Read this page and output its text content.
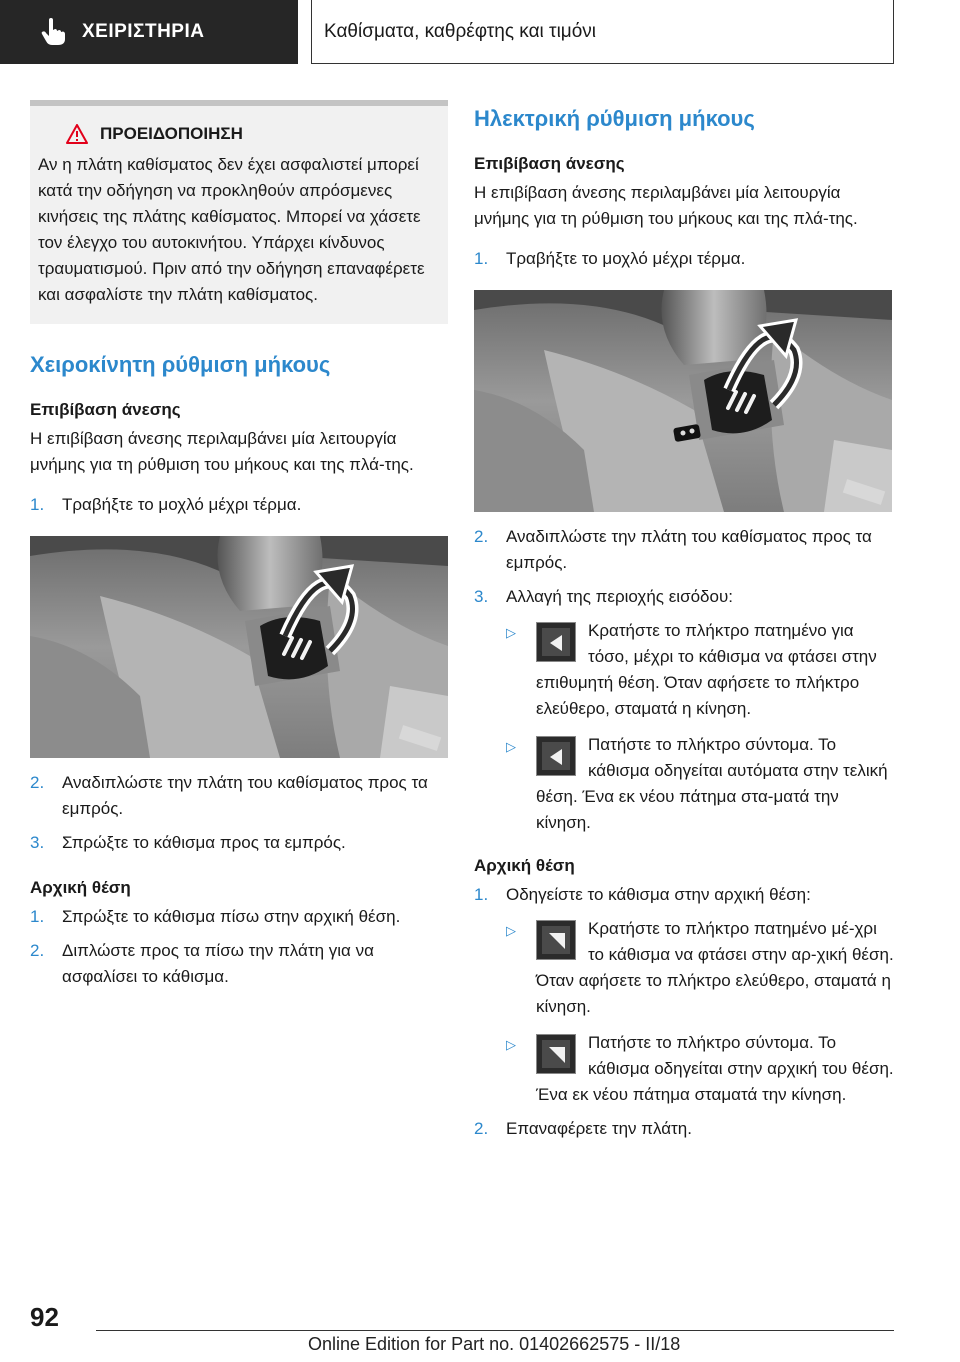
ΧΕΙΡΙΣΤΗΡΙΑ	Καθίσματα, καθρέφτης και τιμόνι
ΠΡΟΕΙΔΟΠΟΙΗΣΗ

Αν η πλάτη καθίσματος δεν έχει ασφαλιστεί μπορεί κατά την οδήγηση να προκληθούν απρόσμενες κινήσεις της πλάτης καθίσματος. Μπορεί να χάσετε τον έλεγχο του αυτοκινήτου. Υπάρχει κίνδυνος τραυματισμού. Πριν από την οδήγηση επαναφέρετε και ασφαλίστε την πλάτη καθίσματος.

Χειροκίνητη ρύθμιση μήκους
Επιβίβαση άνεσης

Η επιβίβαση άνεσης περιλαμβάνει μία λειτουργία μνήμης για τη ρύθμιση του μήκους και της πλά-της.

1.	Τραβήξτε το μοχλό μέχρι τέρμα.
2.	Αναδιπλώστε την πλάτη του καθίσματος προς τα εμπρός.
3.	Σπρώξτε το κάθισμα προς τα εμπρός.
Αρχική θέση
1.	Σπρώξτε το κάθισμα πίσω στην αρχική θέση.
2.	Διπλώστε προς τα πίσω την πλάτη για να ασφαλίσει το κάθισμα.
Ηλεκτρική ρύθμιση μήκους
Επιβίβαση άνεσης

Η επιβίβαση άνεσης περιλαμβάνει μία λειτουργία μνήμης για τη ρύθμιση του μήκους και της πλά-της.

1.	Τραβήξτε το μοχλό μέχρι τέρμα.
2.	Αναδιπλώστε την πλάτη του καθίσματος προς τα εμπρός.
3.	Αλλαγή της περιοχής εισόδου:
▷	Κρατήστε το πλήκτρο πατημένο για τόσο, μέχρι το κάθισμα να φτάσει στην επιθυμητή θέση. Όταν αφήσετε το πλήκτρο ελεύθερο, σταματά η κίνηση.
▷	Πατήστε το πλήκτρο σύντομα. Το κάθισμα οδηγείται αυτόματα στην τελική θέση. Ένα εκ νέου πάτημα στα-ματά την κίνηση.
Αρχική θέση
1.	Οδηγείστε το κάθισμα στην αρχική θέση:
▷	Κρατήστε το πλήκτρο πατημένο μέ-χρι το κάθισμα να φτάσει στην αρ-χική θέση. Όταν αφήσετε το πλήκτρο ελεύθερο, σταματά η κίνηση.
▷	Πατήστε το πλήκτρο σύντομα. Το κάθισμα οδηγείται στην αρχική του θέση. Ένα εκ νέου πάτημα σταματά την κίνηση.
2.	Επαναφέρετε την πλάτη.
92
Online Edition for Part no. 01402662575 - II/18
